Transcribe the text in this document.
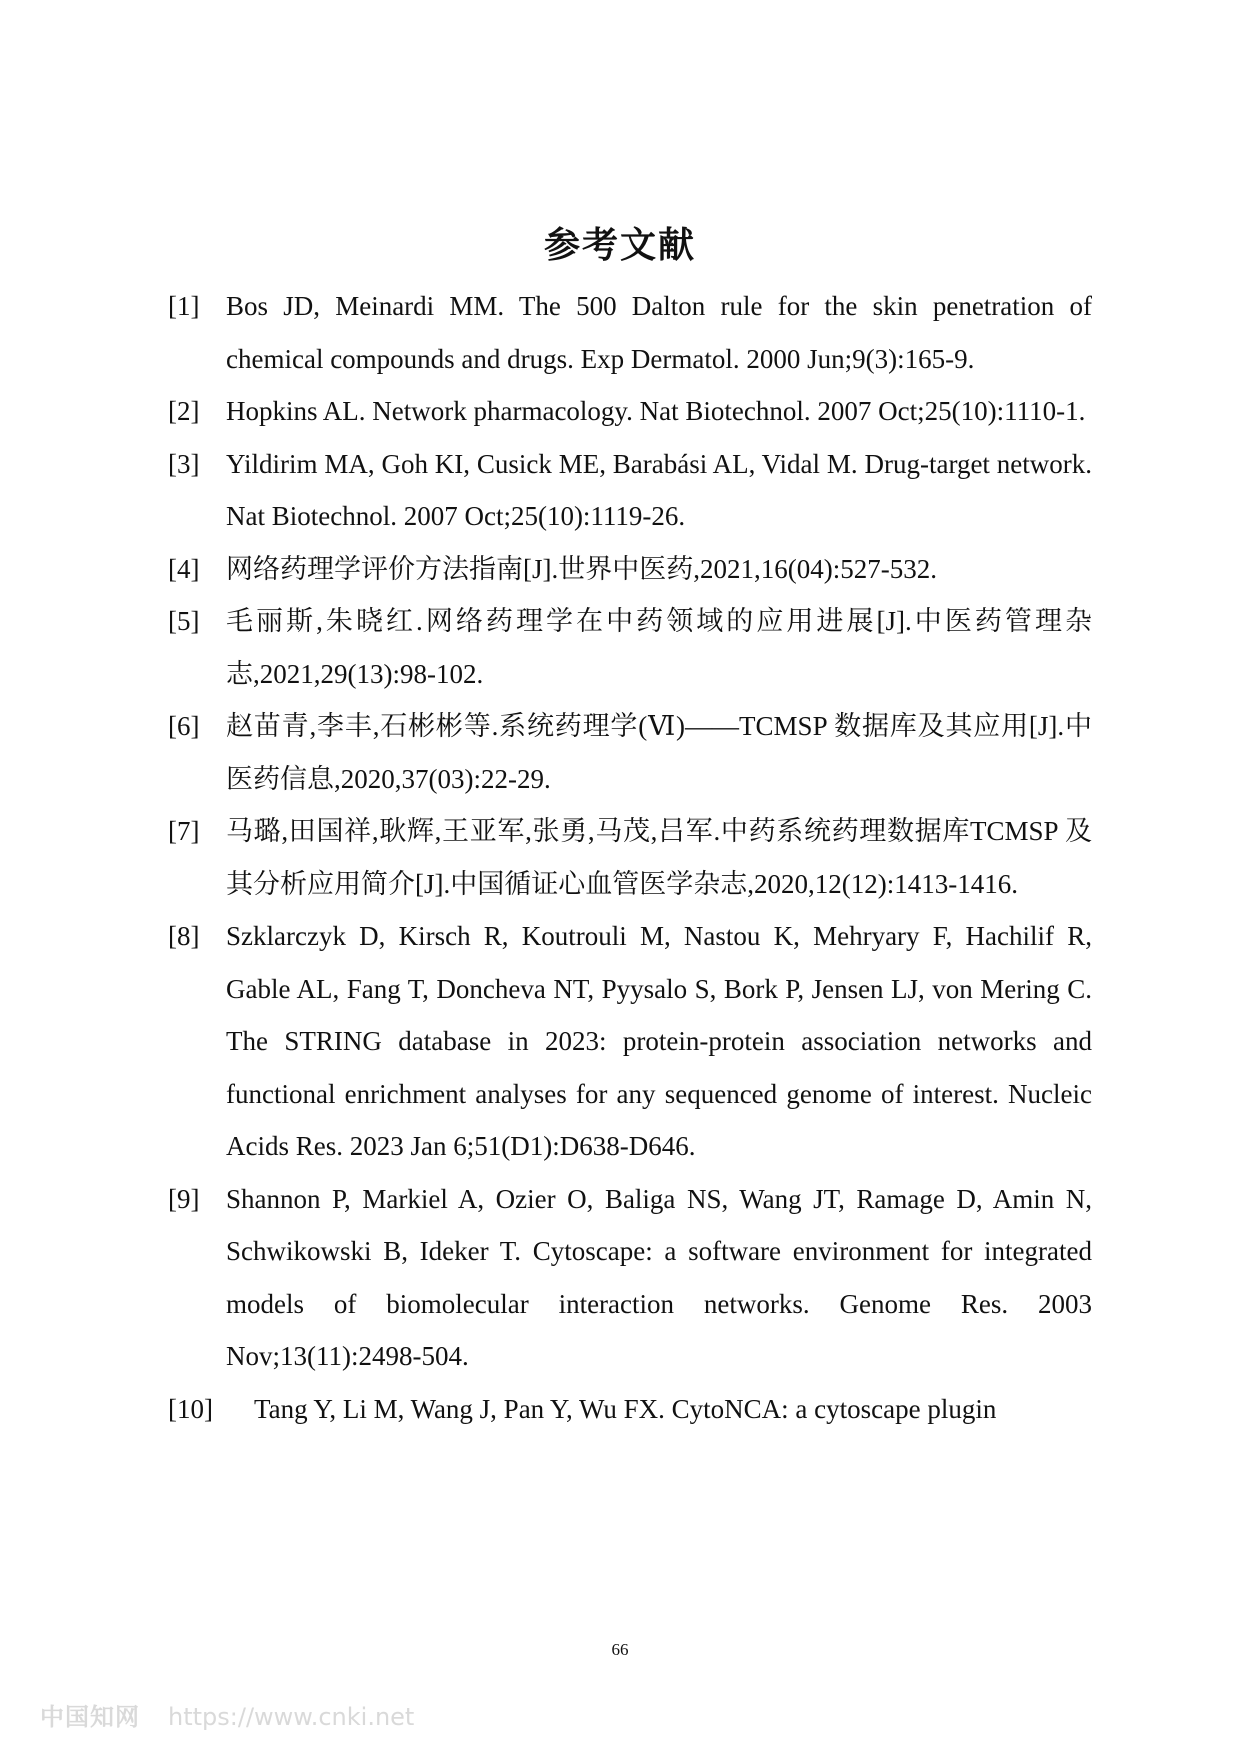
参考文献
[1] Bos JD, Meinardi MM. The 500 Dalton rule for the skin penetration of chemical compounds and drugs. Exp Dermatol. 2000 Jun;9(3):165-9.
[2] Hopkins AL. Network pharmacology. Nat Biotechnol. 2007 Oct;25(10):1110-1.
[3] Yildirim MA, Goh KI, Cusick ME, Barabási AL, Vidal M. Drug-target network. Nat Biotechnol. 2007 Oct;25(10):1119-26.
[4] 网络药理学评价方法指南[J].世界中医药,2021,16(04):527-532.
[5] 毛丽斯,朱晓红.网络药理学在中药领域的应用进展[J].中医药管理杂志,2021,29(13):98-102.
[6] 赵苗青,李丰,石彬彬等.系统药理学(Ⅵ)——TCMSP 数据库及其应用[J].中医药信息,2020,37(03):22-29.
[7] 马璐,田国祥,耿辉,王亚军,张勇,马茂,吕军.中药系统药理数据库TCMSP 及其分析应用简介[J].中国循证心血管医学杂志,2020,12(12):1413-1416.
[8] Szklarczyk D, Kirsch R, Koutrouli M, Nastou K, Mehryary F, Hachilif R, Gable AL, Fang T, Doncheva NT, Pyysalo S, Bork P, Jensen LJ, von Mering C. The STRING database in 2023: protein-protein association networks and functional enrichment analyses for any sequenced genome of interest. Nucleic Acids Res. 2023 Jan 6;51(D1):D638-D646.
[9] Shannon P, Markiel A, Ozier O, Baliga NS, Wang JT, Ramage D, Amin N, Schwikowski B, Ideker T. Cytoscape: a software environment for integrated models of biomolecular interaction networks. Genome Res. 2003 Nov;13(11):2498-504.
[10] Tang Y, Li M, Wang J, Pan Y, Wu FX. CytoNCA: a cytoscape plugin
66
中国知网 https://www.cnki.net
